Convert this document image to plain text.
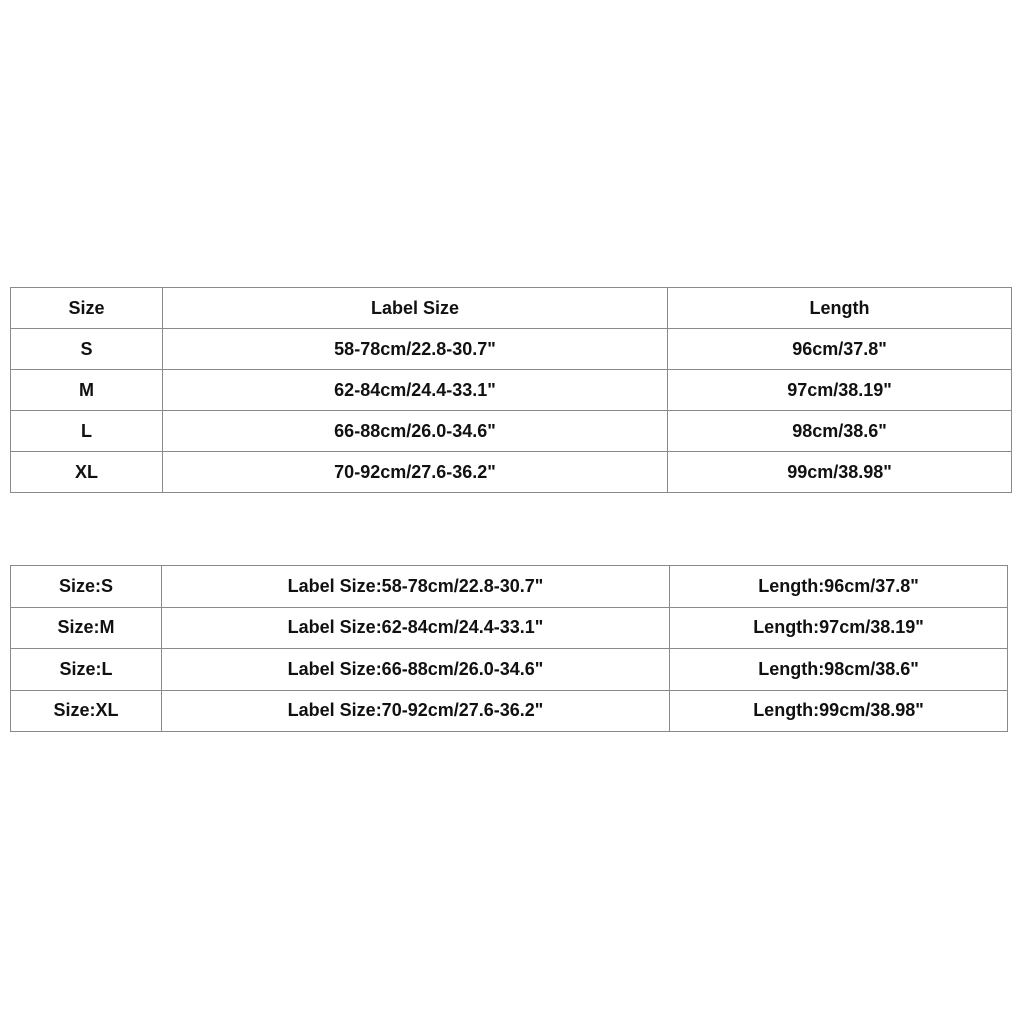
Size	Label Size	Length
S	58-78cm/22.8-30.7"	96cm/37.8"
M	62-84cm/24.4-33.1"	97cm/38.19"
L	66-88cm/26.0-34.6"	98cm/38.6"
XL	70-92cm/27.6-36.2"	99cm/38.98"
Size:S	Label Size:58-78cm/22.8-30.7"	Length:96cm/37.8"
Size:M	Label Size:62-84cm/24.4-33.1"	Length:97cm/38.19"
Size:L	Label Size:66-88cm/26.0-34.6"	Length:98cm/38.6"
Size:XL	Label Size:70-92cm/27.6-36.2"	Length:99cm/38.98"
